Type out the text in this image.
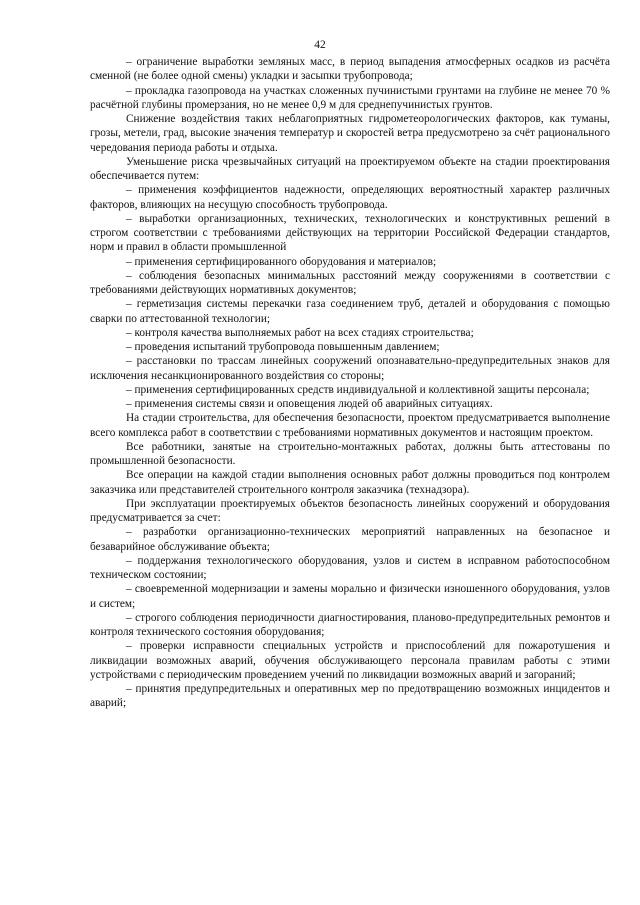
42

– ограничение выработки земляных масс, в период выпадения атмосферных осадков из расчёта сменной (не более одной смены) укладки и засыпки трубопровода;

– прокладка газопровода на участках сложенных пучинистыми грунтами на глубине не менее 70 % расчётной глубины промерзания, но не менее 0,9 м для среднепучинистых грунтов.

Снижение воздействия таких неблагоприятных гидрометеорологических факторов, как туманы, грозы, метели, град, высокие значения температур и скоростей ветра предусмотрено за счёт рационального чередования периода работы и отдыха.

Уменьшение риска чрезвычайных ситуаций на проектируемом объекте на стадии проектирования обеспечивается путем:

– применения коэффициентов надежности, определяющих вероятностный характер различных факторов, влияющих на несущую способность трубопровода.

– выработки организационных, технических, технологических и конструктивных решений в строгом соответствии с требованиями действующих на территории Российской Федерации стандартов, норм и правил в области промышленной

– применения сертифицированного оборудования и материалов;

– соблюдения безопасных минимальных расстояний между сооружениями в соответствии с требованиями действующих нормативных документов;

– герметизация системы перекачки газа соединением труб, деталей и оборудования с помощью сварки по аттестованной технологии;

– контроля качества выполняемых работ на всех стадиях строительства;

– проведения испытаний трубопровода повышенным давлением;

– расстановки по трассам линейных сооружений опознавательно-предупредительных знаков для исключения несанкционированного воздействия со стороны;

– применения сертифицированных средств индивидуальной и коллективной защиты персонала;

– применения системы связи и оповещения людей об аварийных ситуациях.

На стадии строительства, для обеспечения безопасности, проектом предусматривается выполнение всего комплекса работ в соответствии с требованиями нормативных документов и настоящим проектом.

Все работники, занятые на строительно-монтажных работах, должны быть аттестованы по промышленной безопасности.

Все операции на каждой стадии выполнения основных работ должны проводиться под контролем заказчика или представителей строительного контроля заказчика (технадзора).

При эксплуатации проектируемых объектов безопасность линейных сооружений и оборудования предусматривается за счет:

– разработки организационно-технических мероприятий направленных на безопасное и безаварийное обслуживание объекта;

– поддержания технологического оборудования, узлов и систем в исправном работоспособном техническом состоянии;

– своевременной модернизации и замены морально и физически изношенного оборудования, узлов и систем;

– строгого соблюдения периодичности диагностирования, планово-предупредительных ремонтов и контроля технического состояния оборудования;

– проверки исправности специальных устройств и приспособлений для пожаротушения и ликвидации возможных аварий, обучения обслуживающего персонала правилам работы с этими устройствами с периодическим проведением учений по ликвидации возможных аварий и загораний;

– принятия предупредительных и оперативных мер по предотвращению возможных инцидентов и аварий;
